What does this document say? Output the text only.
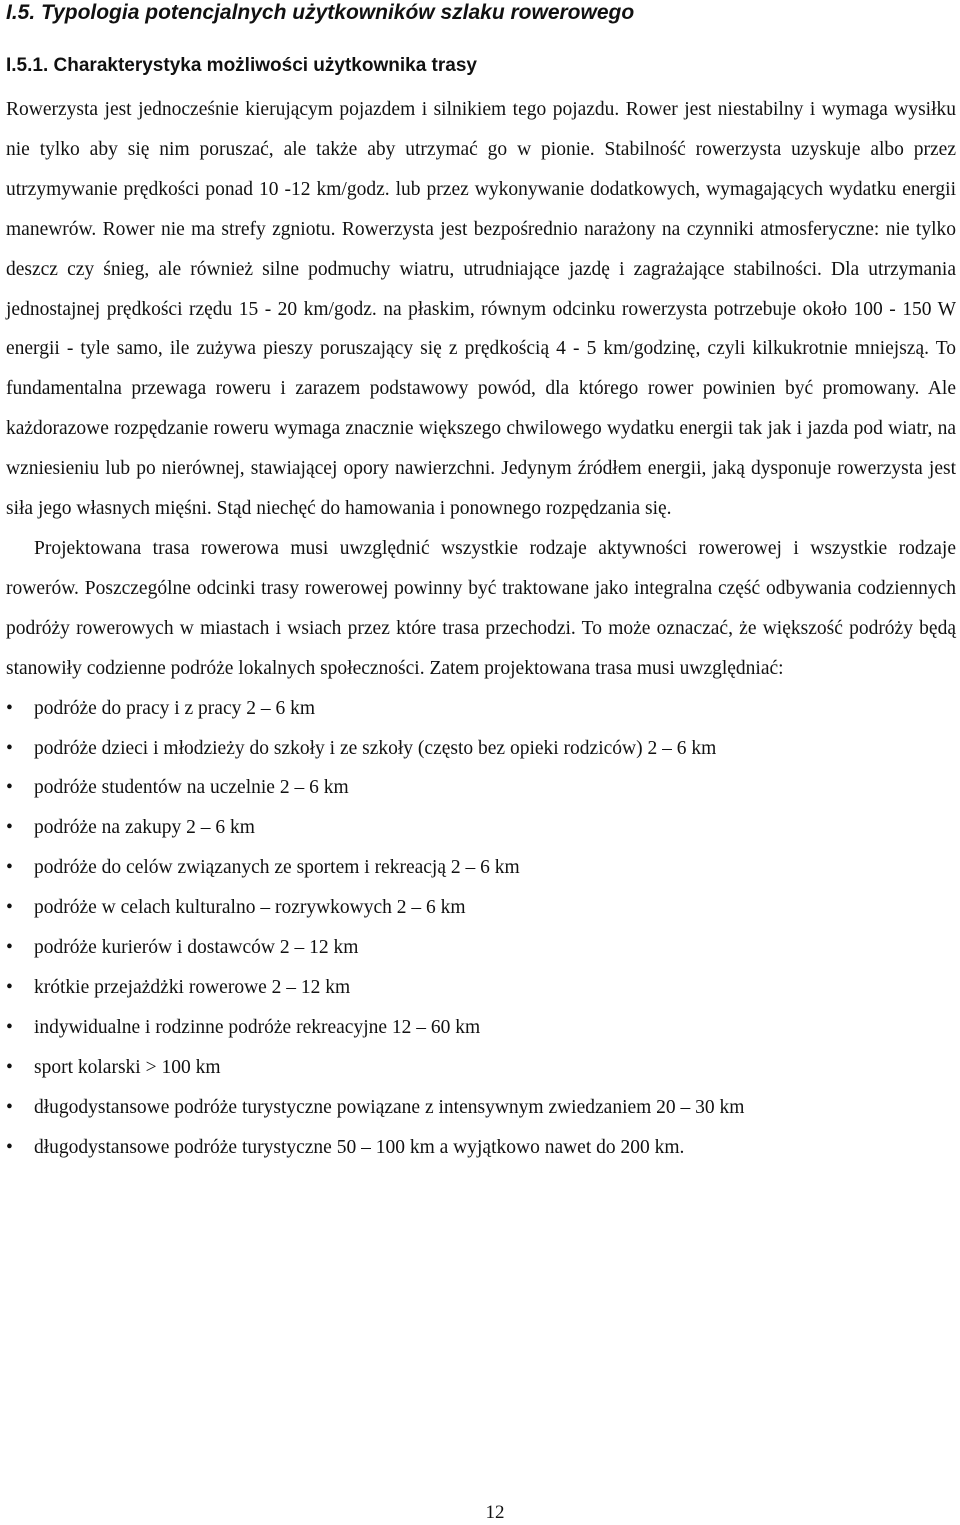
I.5. Typologia potencjalnych użytkowników szlaku rowerowego
I.5.1. Charakterystyka możliwości użytkownika trasy

Rowerzysta jest jednocześnie kierującym pojazdem i silnikiem tego pojazdu. Rower jest niestabilny i wymaga wysiłku nie tylko aby się nim poruszać, ale także aby utrzymać go w pionie. Stabilność rowerzysta uzyskuje albo przez utrzymywanie prędkości ponad 10 -12 km/godz. lub przez wykonywanie dodatkowych, wymagających wydatku energii manewrów. Rower nie ma strefy zgniotu. Rowerzysta jest bezpośrednio narażony na czynniki atmosferyczne: nie tylko deszcz czy śnieg, ale również silne podmuchy wiatru, utrudniające jazdę i zagrażające stabilności. Dla utrzymania jednostajnej prędkości rzędu 15 - 20 km/godz. na płaskim, równym odcinku rowerzysta potrzebuje około 100 - 150 W energii - tyle samo, ile zużywa pieszy poruszający się z prędkością 4 - 5 km/godzinę, czyli kilkukrotnie mniejszą. To fundamentalna przewaga roweru i zarazem podstawowy powód, dla którego rower powinien być promowany. Ale każdorazowe rozpędzanie roweru wymaga znacznie większego chwilowego wydatku energii tak jak i jazda pod wiatr, na wzniesieniu lub po nierównej, stawiającej opory nawierzchni. Jedynym źródłem energii, jaką dysponuje rowerzysta jest siła jego własnych mięśni. Stąd niechęć do hamowania i ponownego rozpędzania się.

Projektowana trasa rowerowa musi uwzględnić wszystkie rodzaje aktywności rowerowej i wszystkie rodzaje rowerów. Poszczególne odcinki trasy rowerowej powinny być traktowane jako integralna część odbywania codziennych podróży rowerowych w miastach i wsiach przez które trasa przechodzi. To może oznaczać, że większość podróży będą stanowiły codzienne podróże lokalnych społeczności. Zatem projektowana trasa musi uwzględniać:

• podróże do pracy i z pracy 2 – 6 km
• podróże dzieci i młodzieży do szkoły i ze szkoły (często bez opieki rodziców) 2 – 6 km
• podróże studentów na uczelnie 2 – 6 km
• podróże na zakupy 2 – 6 km
• podróże do celów związanych ze sportem i rekreacją 2 – 6 km
• podróże w celach kulturalno – rozrywkowych 2 – 6 km
• podróże kurierów i dostawców 2 – 12 km
• krótkie przejażdżki rowerowe 2 – 12 km
• indywidualne i rodzinne podróże rekreacyjne 12 – 60 km
• sport kolarski > 100 km
• długodystansowe podróże turystyczne powiązane z intensywnym zwiedzaniem 20 – 30 km
• długodystansowe podróże turystyczne 50 – 100 km a wyjątkowo nawet do 200 km.
12
